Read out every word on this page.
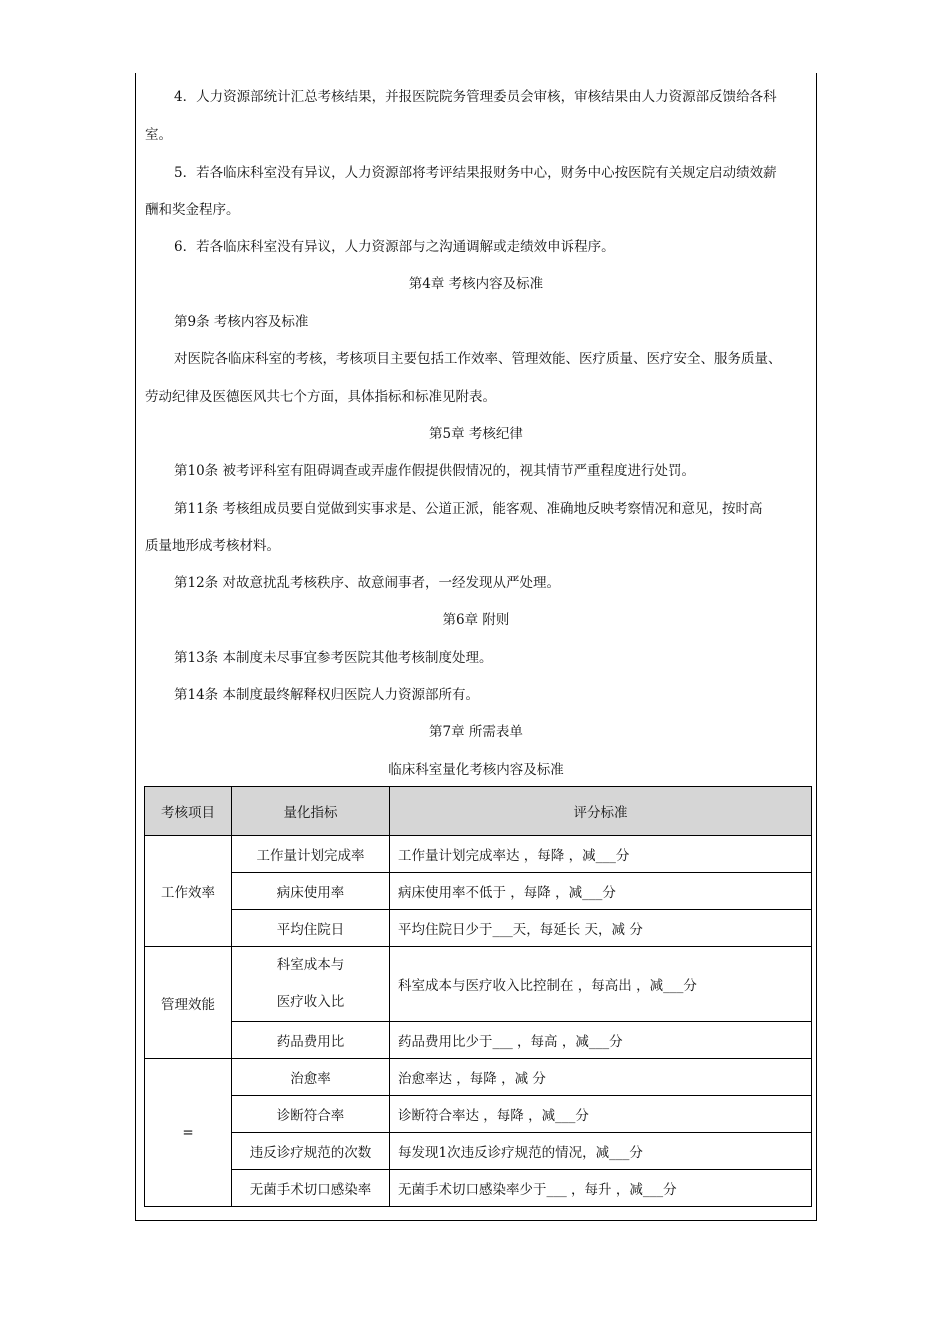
4．人力资源部统计汇总考核结果，并报医院院务管理委员会审核，审核结果由人力资源部反馈给各科
室。
5．若各临床科室没有异议，人力资源部将考评结果报财务中心，财务中心按医院有关规定启动绩效薪
酬和奖金程序。
6．若各临床科室没有异议，人力资源部与之沟通调解或走绩效申诉程序。
第4章 考核内容及标准
第9条 考核内容及标准
对医院各临床科室的考核，考核项目主要包括工作效率、管理效能、医疗质量、医疗安全、服务质量、
劳动纪律及医德医风共七个方面，具体指标和标准见附表。
第5章 考核纪律
第10条 被考评科室有阻碍调查或弄虚作假提供假情况的，视其情节严重程度进行处罚。
第11条 考核组成员要自觉做到实事求是、公道正派，能客观、准确地反映考察情况和意见，按时高
质量地形成考核材料。
第12条 对故意扰乱考核秩序、故意闹事者，一经发现从严处理。
第6章 附则
第13条 本制度未尽事宜参考医院其他考核制度处理。
第14条 本制度最终解释权归医院人力资源部所有。
第7章 所需表单
临床科室量化考核内容及标准
考核项目	量化指标	评分标准
工作效率	工作量计划完成率	工作量计划完成率达 ，每降 ，减___分
	病床使用率	病床使用率不低于 ，每降 ，减___分
	平均住院日	平均住院日少于___天，每延长 天，减 分
管理效能	科室成本与
医疗收入比	科室成本与医疗收入比控制在 ，每高出 ，减___分
	药品费用比	药品费用比少于___ ，每高 ，减___分
=	治愈率	治愈率达 ，每降 ，减 分
	诊断符合率	诊断符合率达 ，每降 ，减___分
	违反诊疗规范的次数	每发现1次违反诊疗规范的情况，减___分
	无菌手术切口感染率	无菌手术切口感染率少于___ ，每升 ，减___分
